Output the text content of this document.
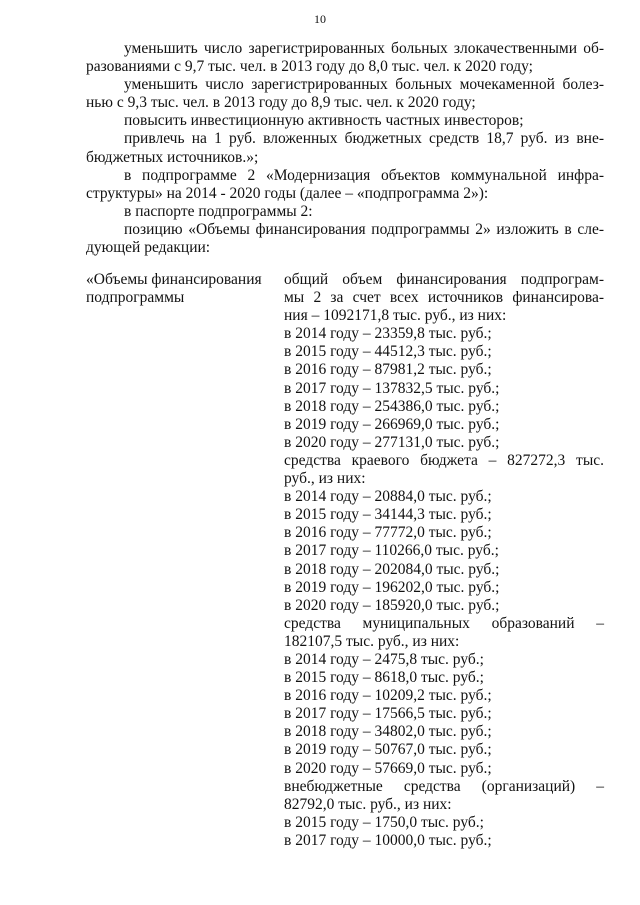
10
уменьшить число зарегистрированных больных злокачественными об-
разованиями с 9,7 тыс. чел. в 2013 году до 8,0 тыс. чел. к 2020 году;
уменьшить число зарегистрированных больных мочекаменной болез-
нью с 9,3 тыс. чел. в 2013 году до 8,9 тыс. чел. к 2020 году;
повысить инвестиционную активность частных инвесторов;
привлечь на 1 руб. вложенных бюджетных средств 18,7 руб. из вне-
бюджетных источников.»;
в подпрограмме 2 «Модернизация объектов коммунальной инфра-
структуры» на 2014 - 2020 годы (далее – «подпрограмма 2»):
в паспорте подпрограммы 2:
позицию «Объемы финансирования подпрограммы 2» изложить в сле-
дующей редакции:
«Объемы финансирования
подпрограммы
общий объем финансирования подпрограм-
мы 2 за счет всех источников финансирова-
ния – 1092171,8 тыс. руб., из них:
в 2014 году – 23359,8 тыс. руб.;
в 2015 году – 44512,3 тыс. руб.;
в 2016 году – 87981,2 тыс. руб.;
в 2017 году – 137832,5 тыс. руб.;
в 2018 году – 254386,0 тыс. руб.;
в 2019 году – 266969,0 тыс. руб.;
в 2020 году – 277131,0 тыс. руб.;
средства краевого бюджета – 827272,3 тыс.
руб., из них:
в 2014 году – 20884,0 тыс. руб.;
в 2015 году – 34144,3 тыс. руб.;
в 2016 году – 77772,0 тыс. руб.;
в 2017 году – 110266,0 тыс. руб.;
в 2018 году – 202084,0 тыс. руб.;
в 2019 году – 196202,0 тыс. руб.;
в 2020 году – 185920,0 тыс. руб.;
средства муниципальных образований –
182107,5 тыс. руб., из них:
в 2014 году – 2475,8 тыс. руб.;
в 2015 году – 8618,0 тыс. руб.;
в 2016 году – 10209,2 тыс. руб.;
в 2017 году – 17566,5 тыс. руб.;
в 2018 году – 34802,0 тыс. руб.;
в 2019 году – 50767,0 тыс. руб.;
в 2020 году – 57669,0 тыс. руб.;
внебюджетные средства (организаций) –
82792,0 тыс. руб., из них:
в 2015 году – 1750,0 тыс. руб.;
в 2017 году – 10000,0 тыс. руб.;
